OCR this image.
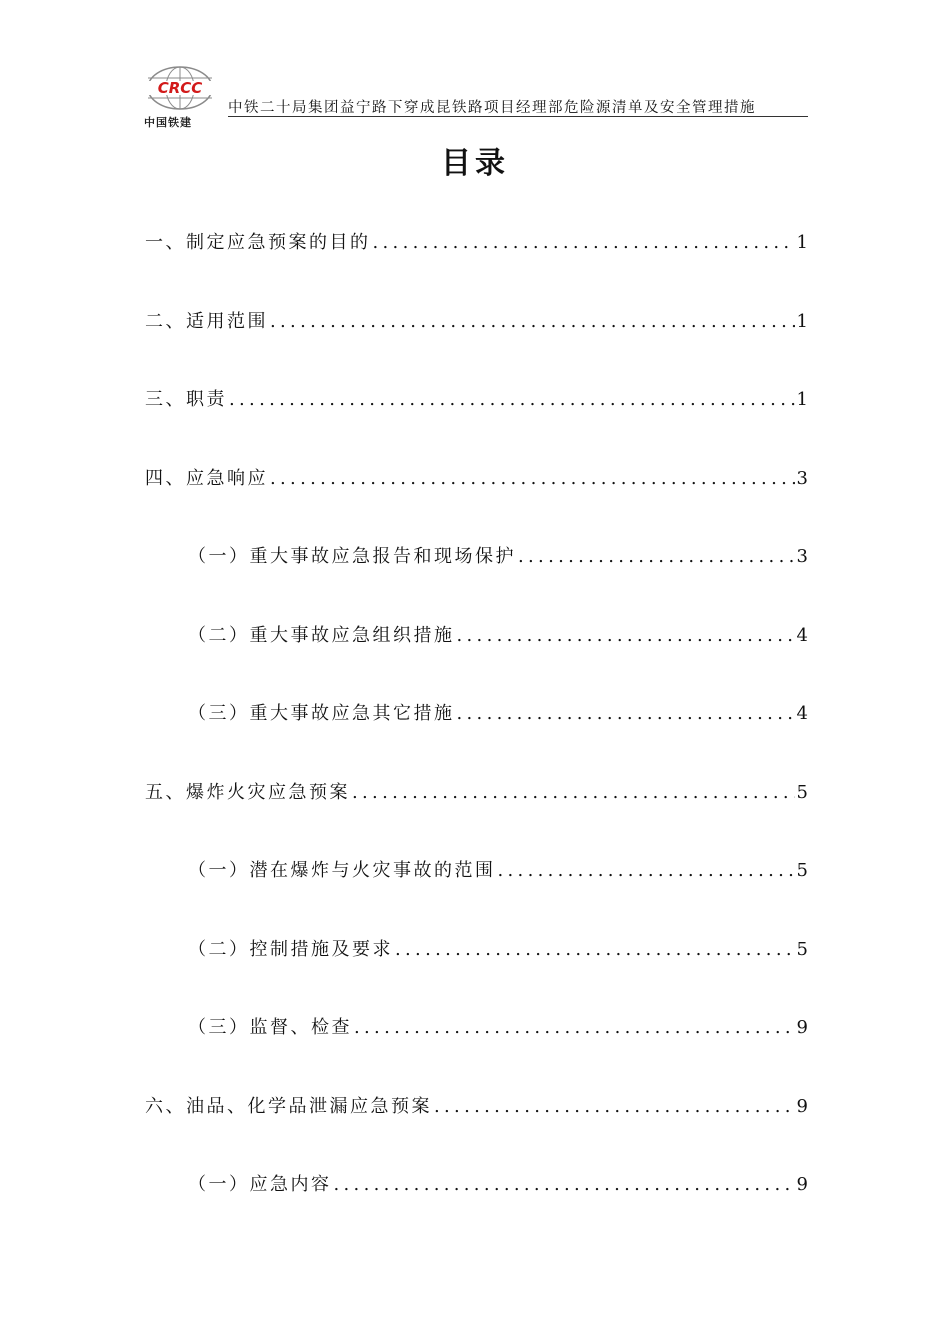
CRCC
中国铁建
中铁二十局集团益宁路下穿成昆铁路项目经理部危险源清单及安全管理措施
目录
一、制定应急预案的目的 .....	1
二、适用范围 .....	1
三、职责 .....	1
四、应急响应 .....	3
（一）重大事故应急报告和现场保护 .....	3
（二）重大事故应急组织措施 .....	4
（三）重大事故应急其它措施 .....	4
五、爆炸火灾应急预案 .....	5
（一）潜在爆炸与火灾事故的范围 .....	5
（二）控制措施及要求 .....	5
（三）监督、检查 .....	9
六、油品、化学品泄漏应急预案 .....	9
（一）应急内容 .....	9
